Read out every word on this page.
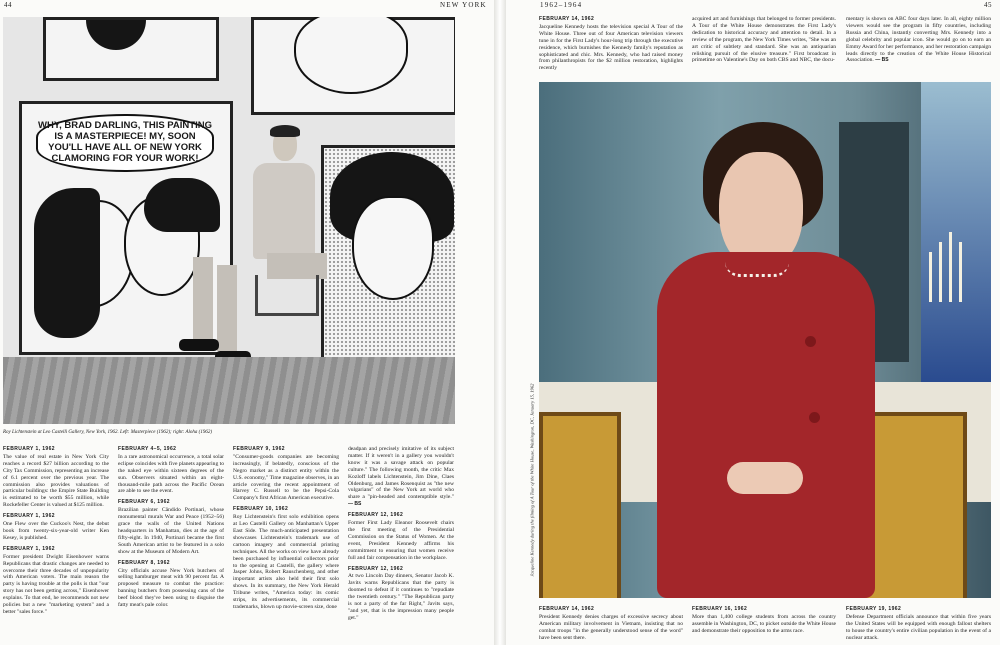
44	NEW YORK	1962–1964	45
WHY, BRAD DARLING, THIS PAINTING IS A MASTERPIECE! MY, SOON YOU'LL HAVE ALL OF NEW YORK CLAMORING FOR YOUR WORK!
Roy Lichtenstein at Leo Castelli Gallery, New York, 1962. Left: Masterpiece (1962); right: Aloha (1962)
FEBRUARY 1, 1962
The value of real estate in New York City reaches a record $27 billion according to the City Tax Commission, representing an increase of 6.1 percent over the previous year. The commission also provides valuations of particular buildings: the Empire State Building is estimated to be worth $55 million, while Rockefeller Center is valued at $125 million.
FEBRUARY 1, 1962
One Flew over the Cuckoo's Nest, the debut book from twenty-six-year-old writer Ken Kesey, is published.
FEBRUARY 1, 1962
Former president Dwight Eisenhower warns Republicans that drastic changes are needed to overcome their three decades of unpopularity with American voters. The main reason the party is having trouble at the polls is that "our story has not been getting across," Eisenhower explains. To that end, he recommends not new policies but a new "marketing system" and a better "sales force."
FEBRUARY 4–5, 1962
In a rare astronomical occurrence, a total solar eclipse coincides with five planets appearing to the naked eye within sixteen degrees of the sun. Observers situated within an eight-thousand-mile path across the Pacific Ocean are able to see the event.
FEBRUARY 6, 1962
Brazilian painter Cândido Portinari, whose monumental murals War and Peace (1952–56) grace the walls of the United Nations headquarters in Manhattan, dies at the age of fifty-eight. In 1940, Portinari became the first South American artist to be featured in a solo show at the Museum of Modern Art.
FEBRUARY 8, 1962
City officials accuse New York butchers of selling hamburger meat with 90 percent fat. A proposed measure to combat the practice: banning butchers from possessing cans of the beef blood they've been using to disguise the fatty meat's pale color.
FEBRUARY 9, 1962
"Consumer-goods companies are becoming increasingly, if belatedly, conscious of the Negro market as a distinct entity within the U.S. economy," Time magazine observes, in an article covering the recent appointment of Harvey C. Russell to be the Pepsi-Cola Company's first African American executive.
FEBRUARY 10, 1962
Roy Lichtenstein's first solo exhibition opens at Leo Castelli Gallery on Manhattan's Upper East Side. The much-anticipated presentation showcases Lichtenstein's trademark use of cartoon imagery and commercial printing techniques. All the works on view have already been purchased by influential collectors prior to the opening at Castelli, the gallery where Jasper Johns, Robert Rauschenberg, and other important artists also held their first solo shows. In its summary, the New York Herald Tribune writes, "America today: its comic strips, its advertisements, its commercial trademarks, blown up movie-screen size, done
deadpan and precisely imitative of its subject matter. If it weren't in a gallery you wouldn't know it was a savage attack on popular culture." The following month, the critic Max Kozloff labels Lichtenstein, Jim Dine, Claes Oldenburg, and James Rosenquist as "the new vulgarians" of the New York art world who share a "pin-headed and contemptible style." — BS
FEBRUARY 12, 1962
Former First Lady Eleanor Roosevelt chairs the first meeting of the Presidential Commission on the Status of Women. At the event, President Kennedy affirms his commitment to ensuring that women receive full and fair compensation in the workplace.
FEBRUARY 12, 1962
At two Lincoln Day dinners, Senator Jacob K. Javits warns Republicans that the party is doomed to defeat if it continues to "repudiate the twentieth century." "The Republican party is not a party of the far Right," Javits says, "and yet, that is the impression many people get."
FEBRUARY 14, 1962
Jacqueline Kennedy hosts the television special A Tour of the White House. Three out of four American television viewers tune in for the First Lady's hour-long trip through the executive residence, which burnishes the Kennedy family's reputation as sophisticated and chic. Mrs. Kennedy, who had raised money from philanthropists for the $2 million restoration, highlights recently
acquired art and furnishings that belonged to former presidents. A Tour of the White House demonstrates the First Lady's dedication to historical accuracy and attention to detail. In a review of the program, the New York Times writes, "She was an art critic of subtlety and standard. She was an antiquarian relishing pursuit of the elusive treasure." First broadcast in primetime on Valentine's Day on both CBS and NBC, the docu-
mentary is shown on ABC four days later. In all, eighty million viewers would see the program in fifty countries, including Russia and China, instantly converting Mrs. Kennedy into a global celebrity and popular icon. She would go on to earn an Emmy Award for her performance, and her restoration campaign leads directly to the creation of the White House Historical Association. — BS
Jacqueline Kennedy during the filming of A Tour of the White House, Washington, DC, January 15, 1962
FEBRUARY 14, 1962
President Kennedy denies charges of excessive secrecy about American military involvement in Vietnam, insisting that no combat troops "in the generally understood sense of the word" have been sent there.
FEBRUARY 16, 1962
More than 1,400 college students from across the country assemble in Washington, DC, to picket outside the White House and demonstrate their opposition to the arms race.
FEBRUARY 19, 1962
Defense Department officials announce that within five years the United States will be equipped with enough fallout shelters to house the country's entire civilian population in the event of a nuclear attack.
